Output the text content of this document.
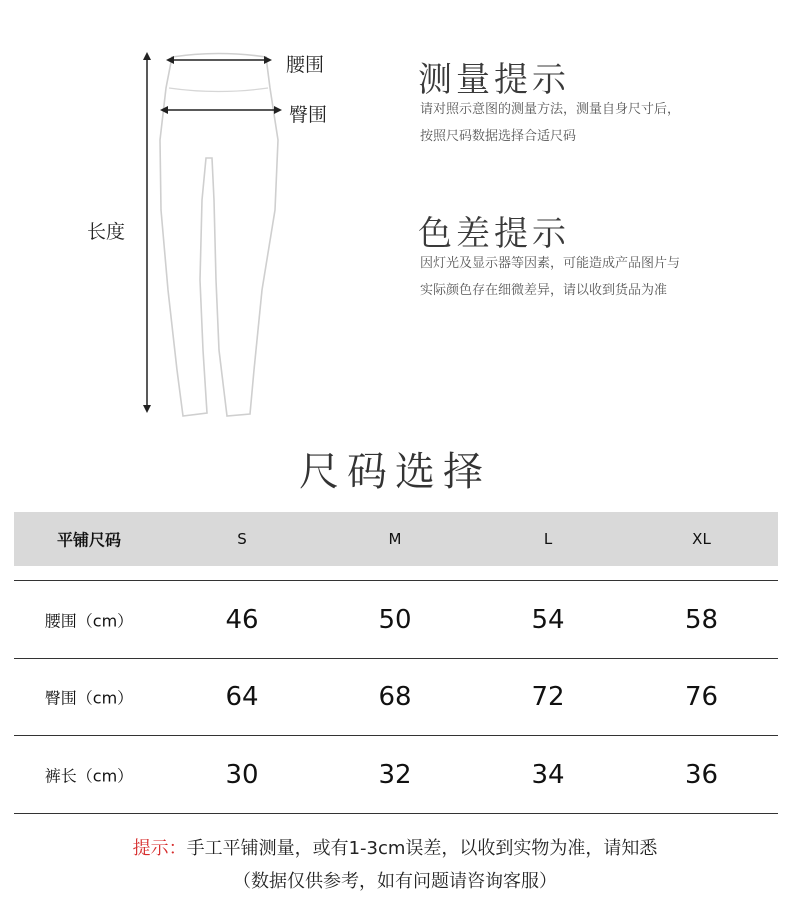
腰围
臀围
长度
测量提示
请对照示意图的测量方法，测量自身尺寸后，
按照尺码数据选择合适尺码
色差提示
因灯光及显示器等因素，可能造成产品图片与
实际颜色存在细微差异，请以收到货品为准
尺码选择
平铺尺码	S	M	L	XL
腰围（cm）	46	50	54	58
臀围（cm）	64	68	72	76
裤长（cm）	30	32	34	36
提示：手工平铺测量，或有1-3cm误差，以收到实物为准，请知悉
（数据仅供参考，如有问题请咨询客服）
